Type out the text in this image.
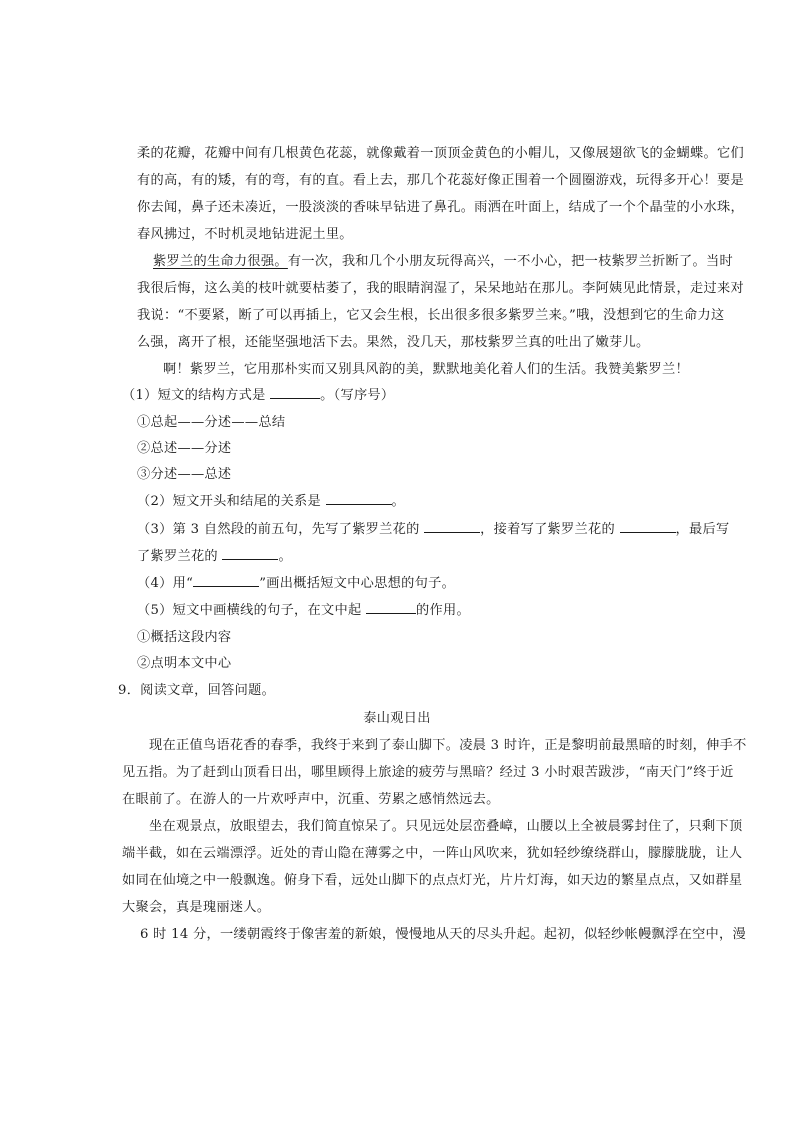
柔的花瓣，花瓣中间有几根黄色花蕊，就像戴着一顶顶金黄色的小帽儿，又像展翅欲飞的金蝴蝶。它们
有的高，有的矮，有的弯，有的直。看上去，那几个花蕊好像正围着一个圆圈游戏，玩得多开心！要是
你去闻，鼻子还未凑近，一股淡淡的香味早钻进了鼻孔。雨洒在叶面上，结成了一个个晶莹的小水珠，
春风拂过，不时机灵地钻进泥土里。
紫罗兰的生命力很强。有一次，我和几个小朋友玩得高兴，一不小心，把一枝紫罗兰折断了。当时
我很后悔，这么美的枝叶就要枯萎了，我的眼睛润湿了，呆呆地站在那儿。李阿姨见此情景，走过来对
我说：“不要紧，断了可以再插上，它又会生根，长出很多很多紫罗兰来。”哦，没想到它的生命力这
么强，离开了根，还能坚强地活下去。果然，没几天，那枝紫罗兰真的吐出了嫩芽儿。
啊！紫罗兰，它用那朴实而又别具风韵的美，默默地美化着人们的生活。我赞美紫罗兰！
（1）短文的结构方式是	。（写序号）
①总起——分述——总结
②总述——分述
③分述——总述
（2）短文开头和结尾的关系是	。
（3）第 3 自然段的前五句，先写了紫罗兰花的	，接着写了紫罗兰花的	，最后写
了紫罗兰花的	。
（4）用“	”画出概括短文中心思想的句子。
（5）短文中画横线的句子，在文中起	的作用。
①概括这段内容
②点明本文中心
9．阅读文章，回答问题。
泰山观日出
现在正值鸟语花香的春季，我终于来到了泰山脚下。凌晨 3 时许，正是黎明前最黑暗的时刻，伸手不
见五指。为了赶到山顶看日出，哪里顾得上旅途的疲劳与黑暗？经过 3 小时艰苦跋涉，“南天门”终于近
在眼前了。在游人的一片欢呼声中，沉重、劳累之感悄然远去。
坐在观景点，放眼望去，我们简直惊呆了。只见远处层峦叠嶂，山腰以上全被晨雾封住了，只剩下顶
端半截，如在云端漂浮。近处的青山隐在薄雾之中，一阵山风吹来，犹如轻纱缭绕群山，朦朦胧胧，让人
如同在仙境之中一般飘逸。俯身下看，远处山脚下的点点灯光，片片灯海，如天边的繁星点点，又如群星
大聚会，真是瑰丽迷人。
6 时 14 分，一缕朝霞终于像害羞的新娘，慢慢地从天的尽头升起。起初，似轻纱帐幔飘浮在空中，漫
